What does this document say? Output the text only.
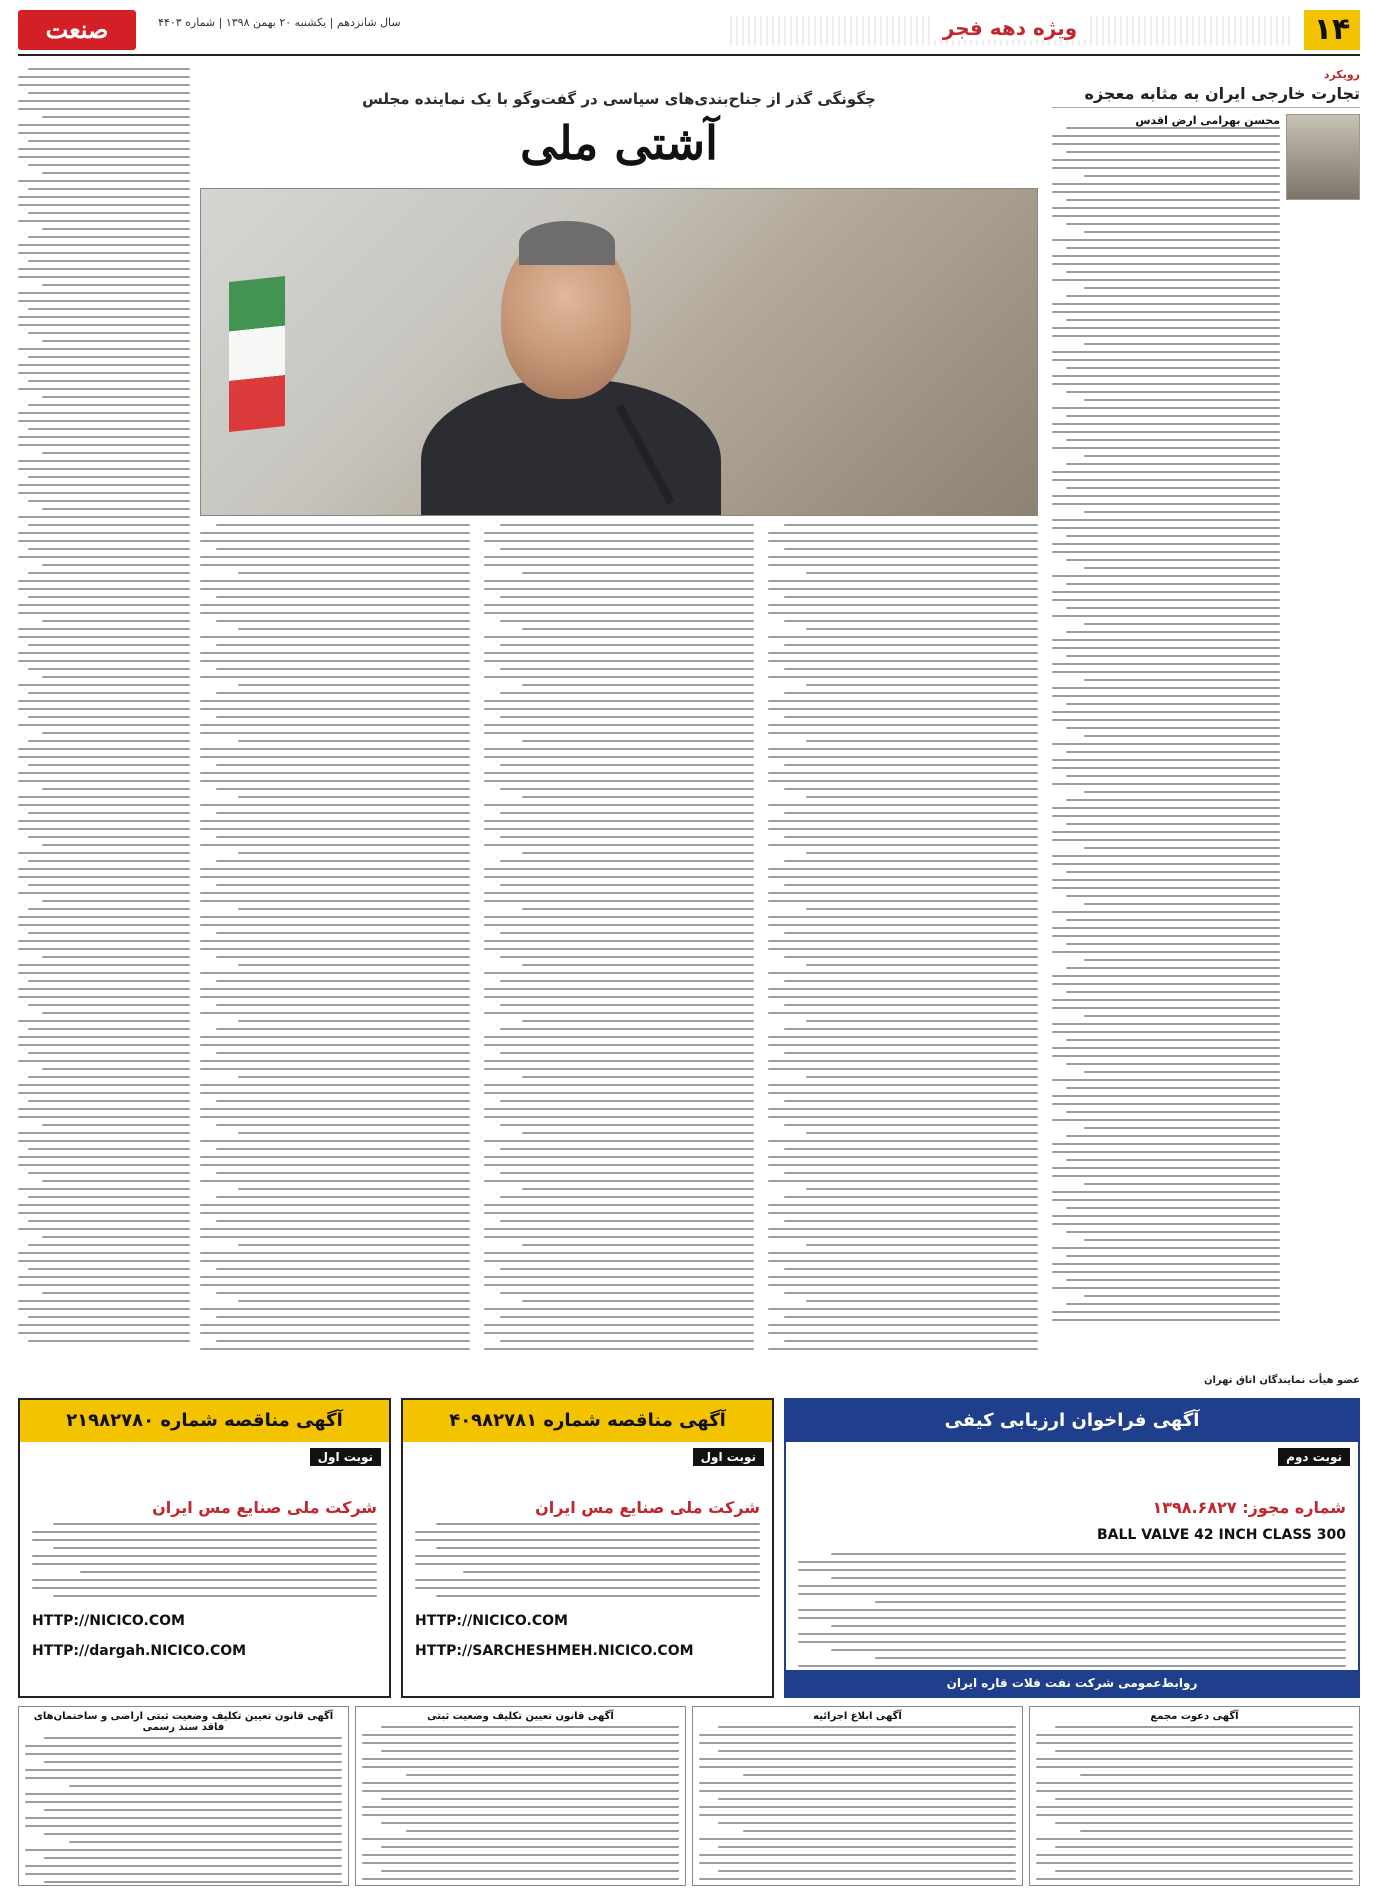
۱۴
ویژه دهه فجر
سال شانزدهم | یکشنبه ۲۰ بهمن ۱۳۹۸ | شماره ۴۴۰۳
صنعت
رویکرد
تجارت خارجی ایران به مثابه معجزه
محسن بهرامی ارض اقدس
عضو هیأت نمایندگان اتاق تهران
چگونگی گذر از جناح‌بندی‌های سیاسی در گفت‌وگو با یک نماینده مجلس
آشتی ملی
آگهی فراخوان ارزیابی کیفی
نوبت دوم
شماره مجوز: ۱۳۹۸.۶۸۲۷
BALL VALVE 42 INCH CLASS 300
روابط‌عمومی شرکت نفت فلات قاره ایران
آگهی مناقصه شماره ۴۰۹۸۲۷۸۱
نوبت اول
شرکت ملی صنایع مس ایران
HTTP://NICICO.COM
HTTP://SARCHESHMEH.NICICO.COM
آگهی مناقصه شماره ۲۱۹۸۲۷۸۰
نوبت اول
شرکت ملی صنایع مس ایران
HTTP://NICICO.COM
HTTP://dargah.NICICO.COM
آگهی دعوت مجمع
آگهی ابلاغ اجرائیه
آگهی قانون تعیین تکلیف وضعیت ثبتی
آگهی قانون تعیین تکلیف وضعیت ثبتی اراضی و ساختمان‌های فاقد سند رسمی
